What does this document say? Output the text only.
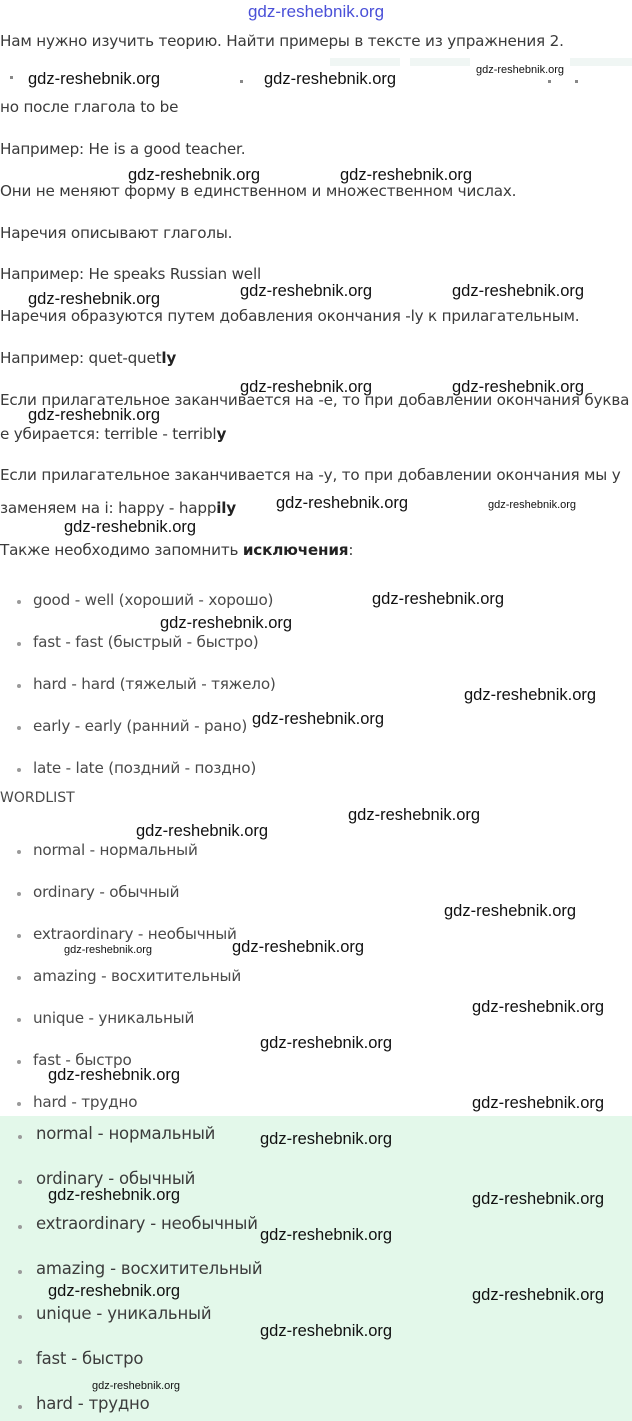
gdz-reshebnik.org
Нам нужно изучить теорию. Найти примеры в тексте из упражнения 2.
но после глагола to be
Например: He is a good teacher.
Они не меняют форму в единственном и множественном числах.
Наречия описывают глаголы.
Например: He speaks Russian well
Наречия образуются путем добавления окончания -ly к прилагательным.
Например: quet-quetly
Если прилагательное заканчивается на -е, то при добавлении окончания буква
е убирается: terrible - terribly
Если прилагательное заканчивается на -у, то при добавлении окончания мы у
заменяем на i: happy - happily
Также необходимо запомнить исключения:
good - well (хороший - хорошо)
fast - fast (быстрый - быстро)
hard - hard (тяжелый - тяжело)
early - early (ранний - рано)
late - late (поздний - поздно)
WORDLIST
normal - нормальный
ordinary - обычный
extraordinary - необычный
amazing - восхитительный
unique - уникальный
fast - быстро
hard - трудно
normal - нормальный
ordinary - обычный
extraordinary - необычный
amazing - восхитительный
unique - уникальный
fast - быстро
hard - трудно
gdz-reshebnik.org	gdz-reshebnik.org	gdz-reshebnik.org
gdz-reshebnik.org	gdz-reshebnik.org
gdz-reshebnik.org	gdz-reshebnik.org	gdz-reshebnik.org
gdz-reshebnik.org	gdz-reshebnik.org
gdz-reshebnik.org
gdz-reshebnik.org	gdz-reshebnik.org
gdz-reshebnik.org
gdz-reshebnik.org
gdz-reshebnik.org
gdz-reshebnik.org
gdz-reshebnik.org
gdz-reshebnik.org
gdz-reshebnik.org
gdz-reshebnik.org
gdz-reshebnik.org	gdz-reshebnik.org
gdz-reshebnik.org
gdz-reshebnik.org
gdz-reshebnik.org
gdz-reshebnik.org
gdz-reshebnik.org
gdz-reshebnik.org	gdz-reshebnik.org
gdz-reshebnik.org
gdz-reshebnik.org	gdz-reshebnik.org
gdz-reshebnik.org
gdz-reshebnik.org
